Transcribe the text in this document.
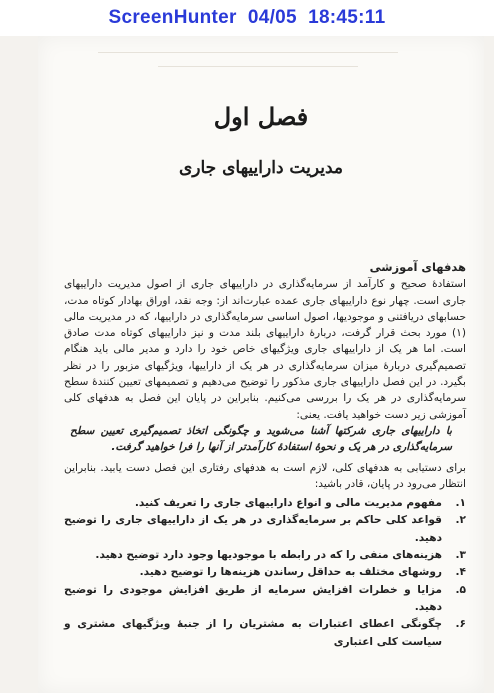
ScreenHunter  04/05  18:45:11
فصل اول
مدیریت داراییهای جاری
هدفهای آموزشی

استفادهٔ صحیح و کارآمد از سرمایه‌گذاری در داراییهای جاری از اصول مدیریت داراییهای جاری است. چهار نوع داراییهای جاری عمده عبارت‌اند از: وجه نقد، اوراق بهادار کوتاه مدت، حسابهای دریافتنی و موجودیها، اصول اساسی سرمایه‌گذاری در داراییها، که در مدیریت مالی (۱) مورد بحث قرار گرفت، دربارهٔ داراییهای بلند مدت و نیز داراییهای کوتاه مدت صادق است. اما هر یک از داراییهای جاری ویژگیهای خاص خود را دارد و مدیر مالی باید هنگام تصمیم‌گیری دربارهٔ میزان سرمایه‌گذاری در هر یک از داراییها، ویژگیهای مزبور را در نظر بگیرد. در این فصل داراییهای جاری مذکور را توضیح می‌دهیم و تصمیمهای تعیین کنندهٔ سطح سرمایه‌گذاری در هر یک را بررسی می‌کنیم. بنابراین در پایان این فصل به هدفهای کلی آموزشی زیر دست خواهید یافت. یعنی:

با داراییهای جاری شرکتها آشنا می‌شوید و چگونگی اتخاذ تصمیم‌گیری تعیین سطح سرمایه‌گذاری در هر یک و نحوهٔ استفادهٔ کارآمدتر از آنها را فرا خواهید گرفت.

برای دستیابی به هدفهای کلی، لازم است به هدفهای رفتاری این فصل دست یابید. بنابراین انتظار می‌رود در پایان، قادر باشید:

۱.
مفهوم مدیریت مالی و انواع داراییهای جاری را تعریف کنید.
۲.
قواعد کلی حاکم بر سرمایه‌گذاری در هر یک از داراییهای جاری را توضیح دهید.
۳.
هزینه‌های منفی را که در رابطه با موجودیها وجود دارد توضیح دهید.
۴.
روشهای مختلف به حداقل رساندن هزینه‌ها را توضیح دهید.
۵.
مزایا و خطرات افزایش سرمایه از طریق افزایش موجودی را توضیح دهید.
۶.
چگونگی اعطای اعتبارات به مشتریان را از جنبهٔ ویژگیهای مشتری و سیاست کلی اعتباری
